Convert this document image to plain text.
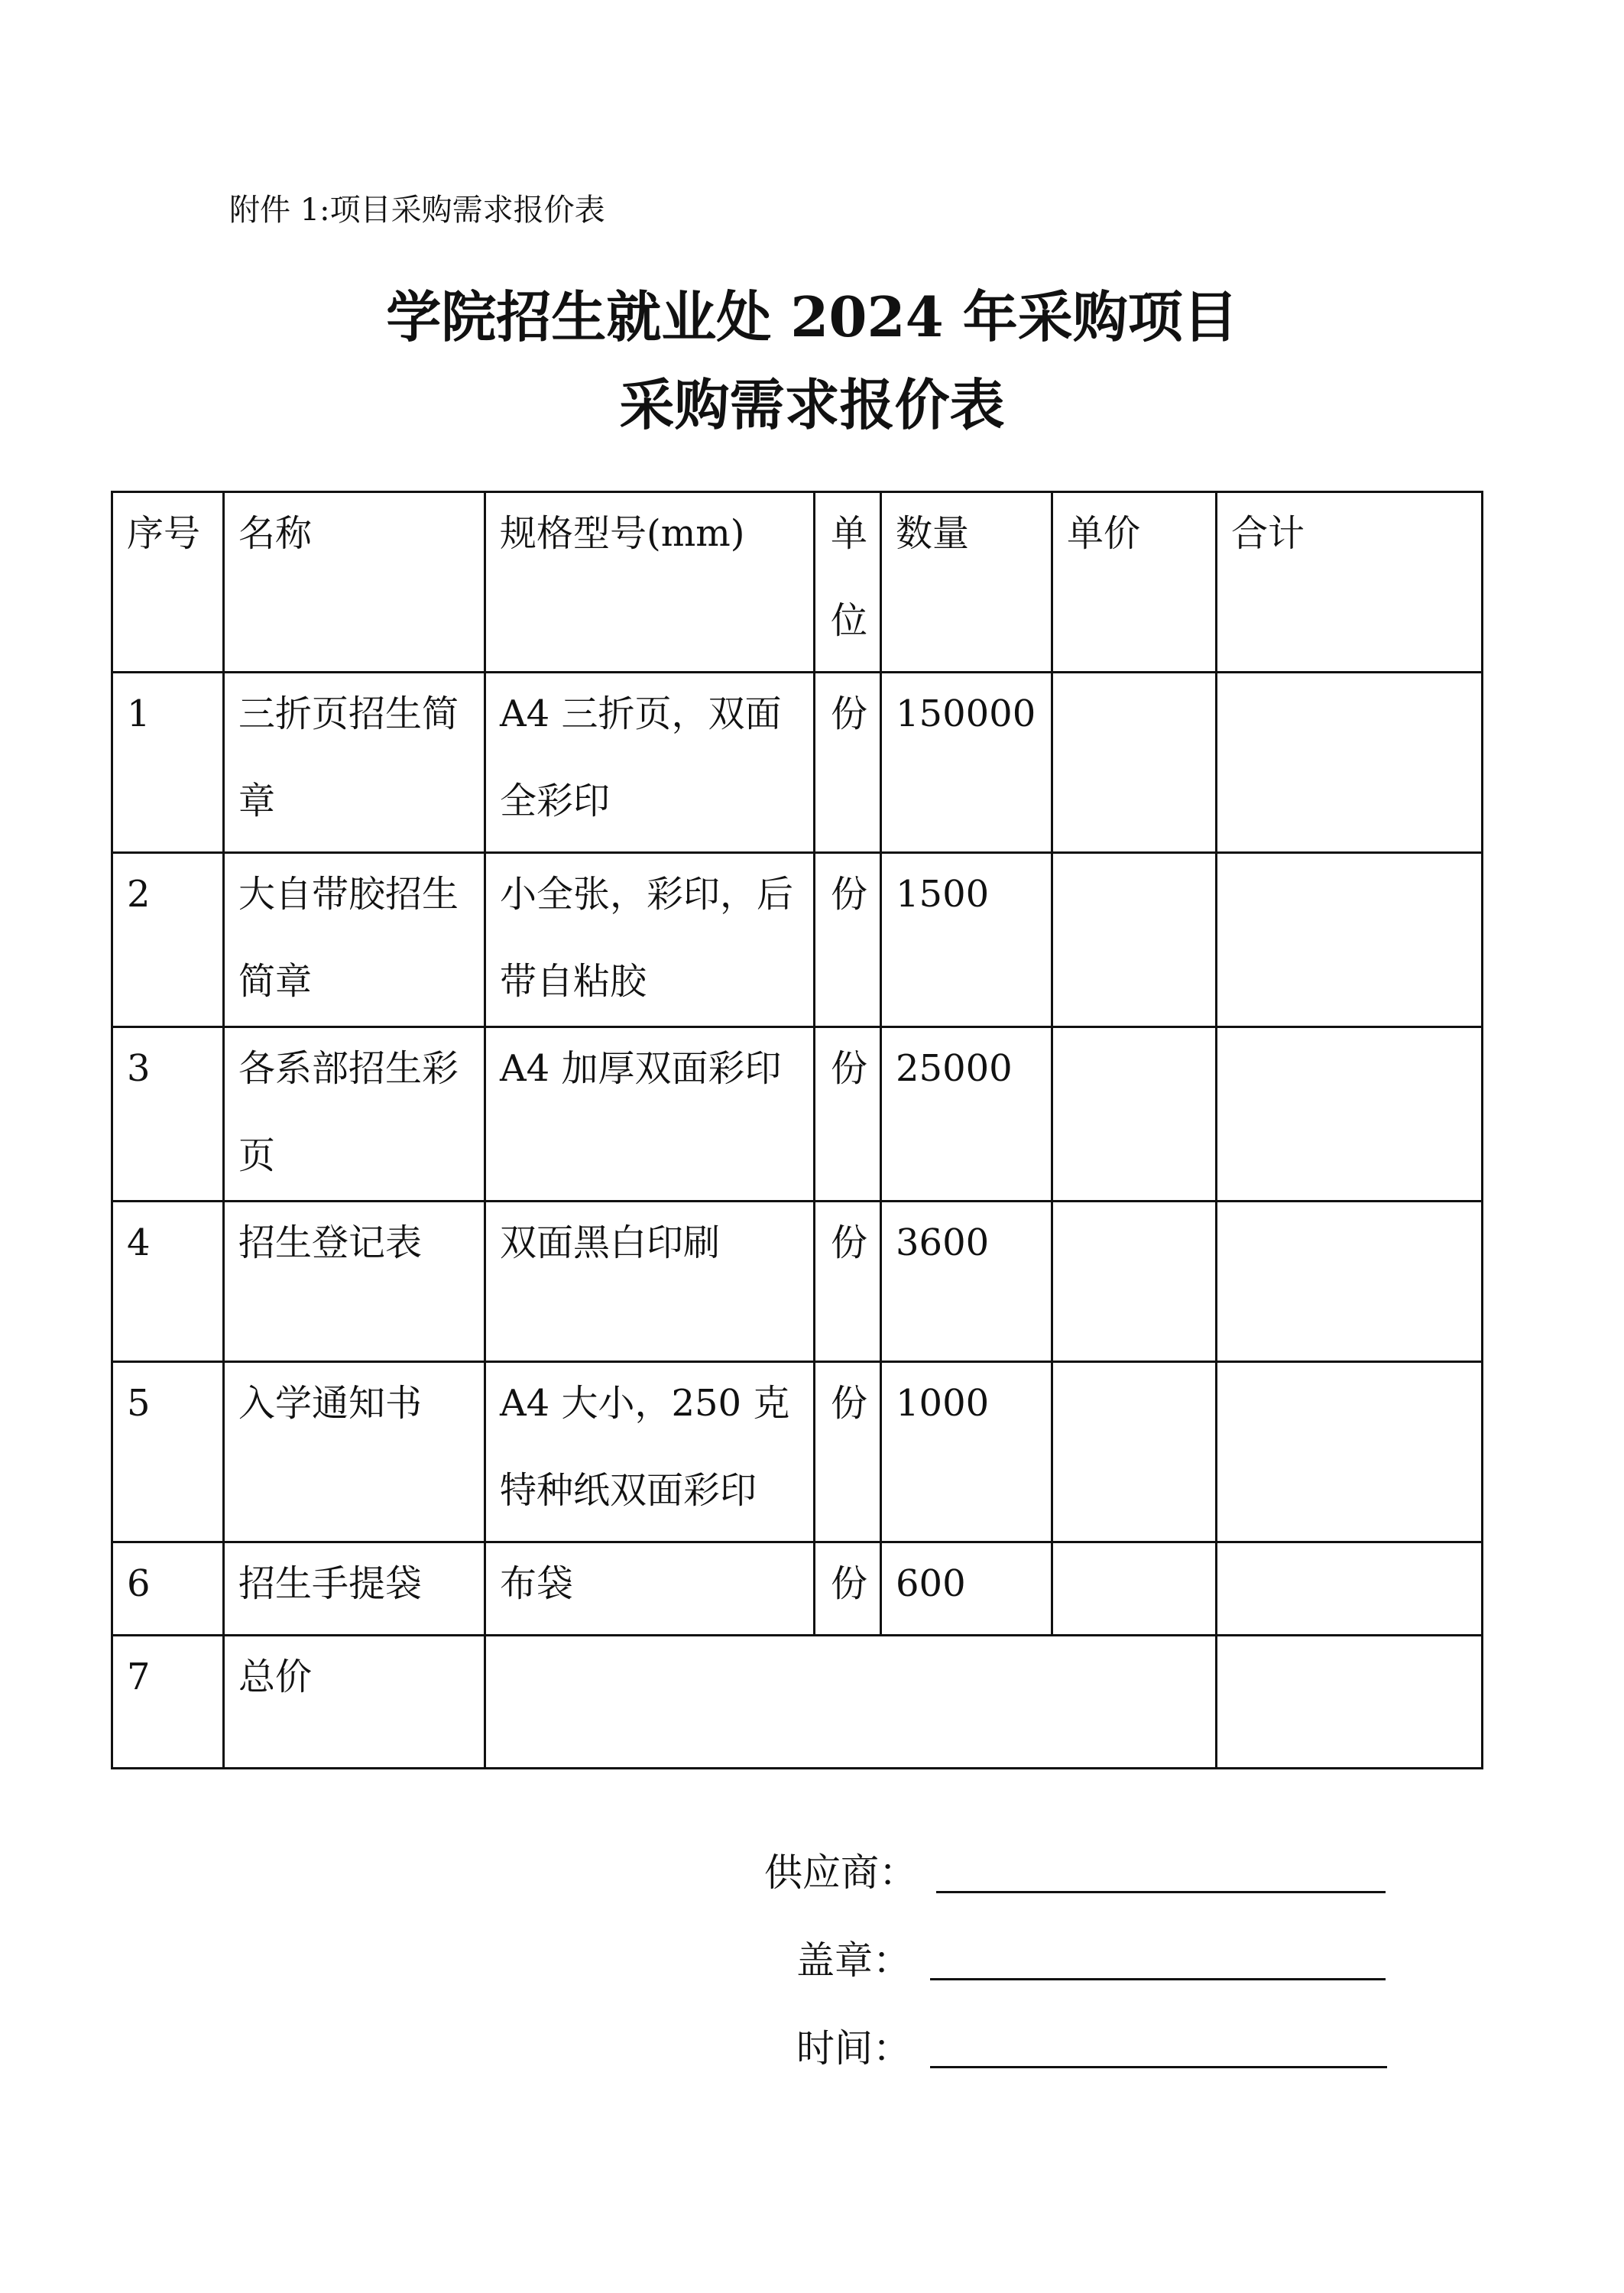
附件 1:项目采购需求报价表
学院招生就业处 2024 年采购项目
采购需求报价表
序号	名称	规格型号(mm)	单位	数量	单价	合计

1	三折页招生简章	A4 三折页，双面全彩印	份	150000		

2	大自带胶招生简章	小全张，彩印，后带自粘胶	份	1500		

3	各系部招生彩页	A4 加厚双面彩印	份	25000		

4	招生登记表	双面黑白印刷	份	3600		

5	入学通知书	A4 大小，250 克特种纸双面彩印	份	1000		

6	招生手提袋	布袋	份	600		

7	总价					

供应商：
盖章：
时间：
